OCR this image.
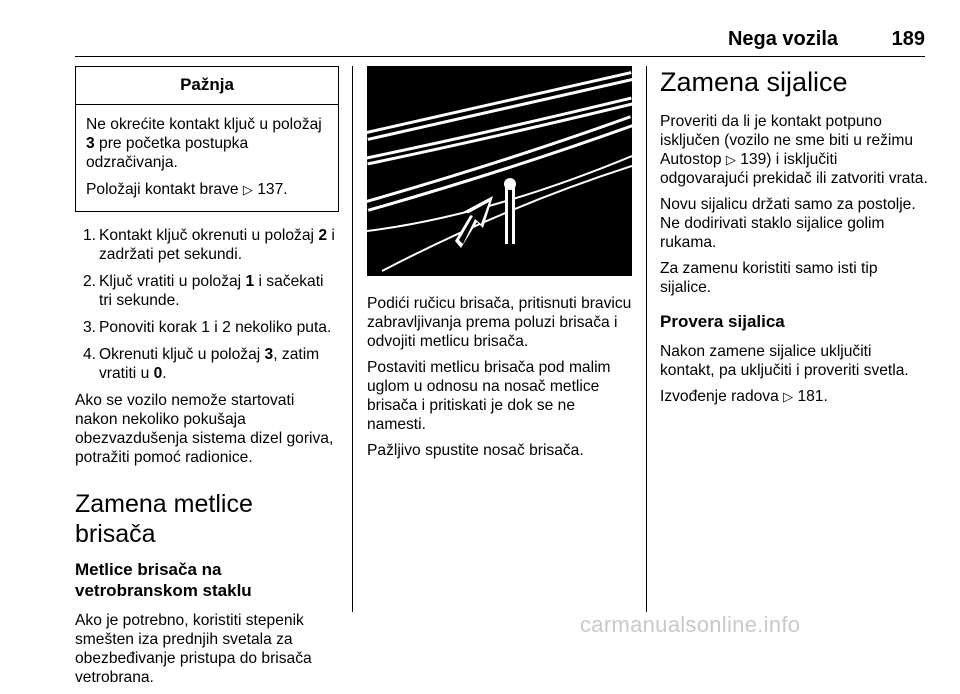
Nega vozila	189
Pažnja

Ne okrećite kontakt ključ u položaj 3 pre početka postupka odzračivanja.

Položaji kontakt brave ▷ 137.

1. Kontakt ključ okrenuti u položaj 2 i zadržati pet sekundi.
2. Ključ vratiti u položaj 1 i sačekati tri sekunde.
3. Ponoviti korak 1 i 2 nekoliko puta.
4. Okrenuti ključ u položaj 3, zatim vratiti u 0.

Ako se vozilo nemože startovati nakon nekoliko pokušaja obezvazdušenja sistema dizel goriva, potražiti pomoć radionice.

Zamena metlice brisača
Metlice brisača na vetrobranskom staklu

Ako je potrebno, koristiti stepenik smešten iza prednjih svetala za obezbeđivanje pristupa do brisača vetrobrana.

Podići ručicu brisača, pritisnuti bravicu zabravljivanja prema poluzi brisača i odvojiti metlicu brisača.

Postaviti metlicu brisača pod malim uglom u odnosu na nosač metlice brisača i pritiskati je dok se ne namesti.

Pažljivo spustite nosač brisača.

Zamena sijalice

Proveriti da li je kontakt potpuno isključen (vozilo ne sme biti u režimu Autostop ▷ 139) i isključiti odgovarajući prekidač ili zatvoriti vrata.

Novu sijalicu držati samo za postolje. Ne dodirivati staklo sijalice golim rukama.

Za zamenu koristiti samo isti tip sijalice.

Provera sijalica

Nakon zamene sijalice uključiti kontakt, pa uključiti i proveriti svetla.

Izvođenje radova ▷ 181.

carmanualsonline.info
